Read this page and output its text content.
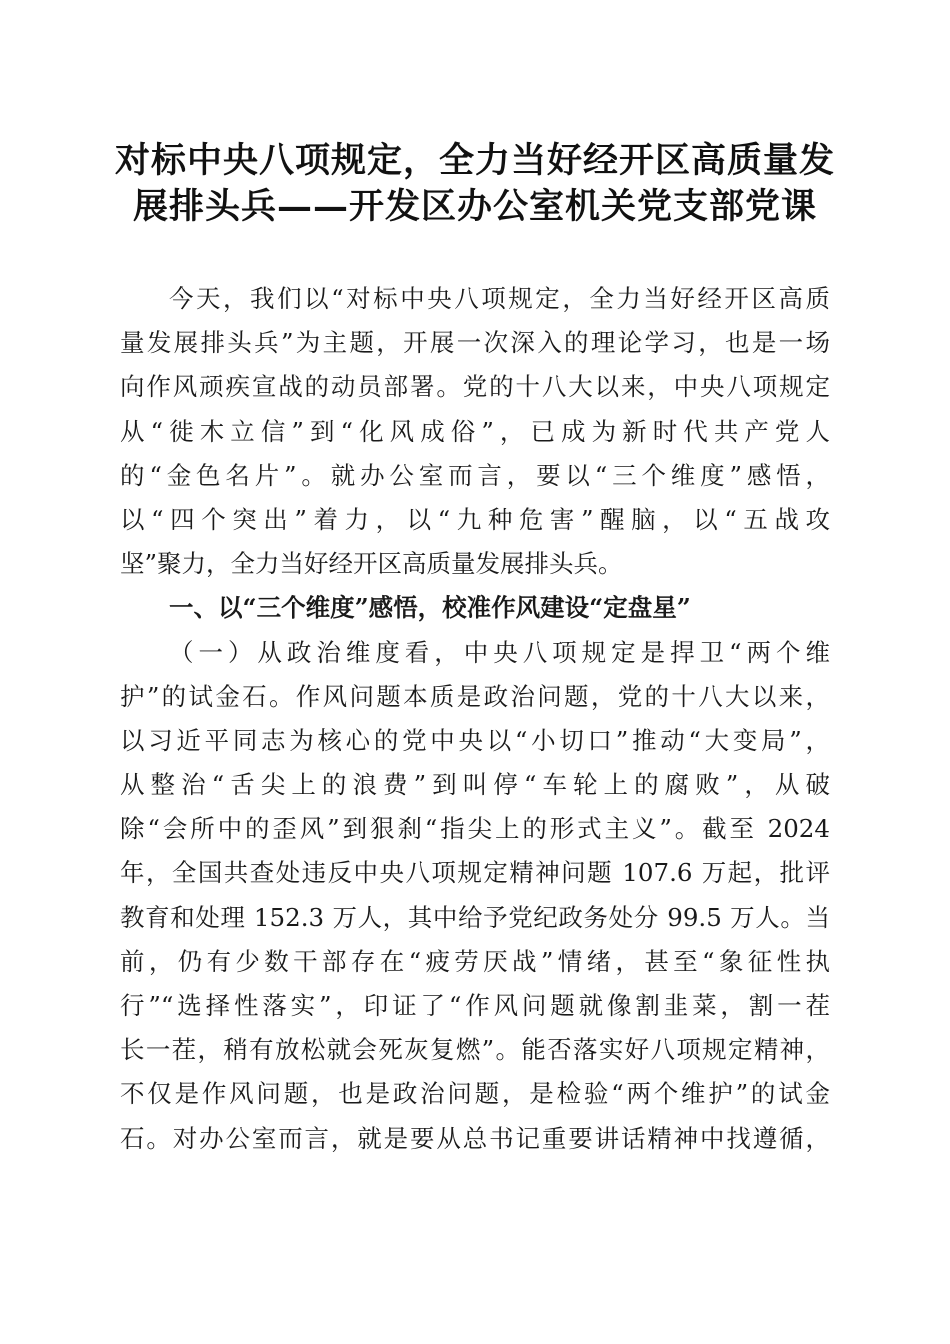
对标中央八项规定，全力当好经开区高质量发
展排头兵——开发区办公室机关党支部党课
今天，我们以“对标中央八项规定，全力当好经开区高质
量发展排头兵”为主题，开展一次深入的理论学习，也是一场
向作风顽疾宣战的动员部署。党的十八大以来，中央八项规定
从“徙木立信”到“化风成俗”，已成为新时代共产党人
的“金色名片”。就办公室而言，要以“三个维度”感悟，
以“四个突出”着力，以“九种危害”醒脑，以“五战攻
坚”聚力，全力当好经开区高质量发展排头兵。
一、以“三个维度”感悟，校准作风建设“定盘星”
（一）从政治维度看，中央八项规定是捍卫“两个维
护”的试金石。作风问题本质是政治问题，党的十八大以来，
以习近平同志为核心的党中央以“小切口”推动“大变局”，
从整治“舌尖上的浪费”到叫停“车轮上的腐败”，从破
除“会所中的歪风”到狠刹“指尖上的形式主义”。截至 2024
年，全国共查处违反中央八项规定精神问题 107.6 万起，批评
教育和处理 152.3 万人，其中给予党纪政务处分 99.5 万人。当
前，仍有少数干部存在“疲劳厌战”情绪，甚至“象征性执
行”“选择性落实”，印证了“作风问题就像割韭菜，割一茬
长一茬，稍有放松就会死灰复燃”。能否落实好八项规定精神，
不仅是作风问题，也是政治问题，是检验“两个维护”的试金
石。对办公室而言，就是要从总书记重要讲话精神中找遵循，
